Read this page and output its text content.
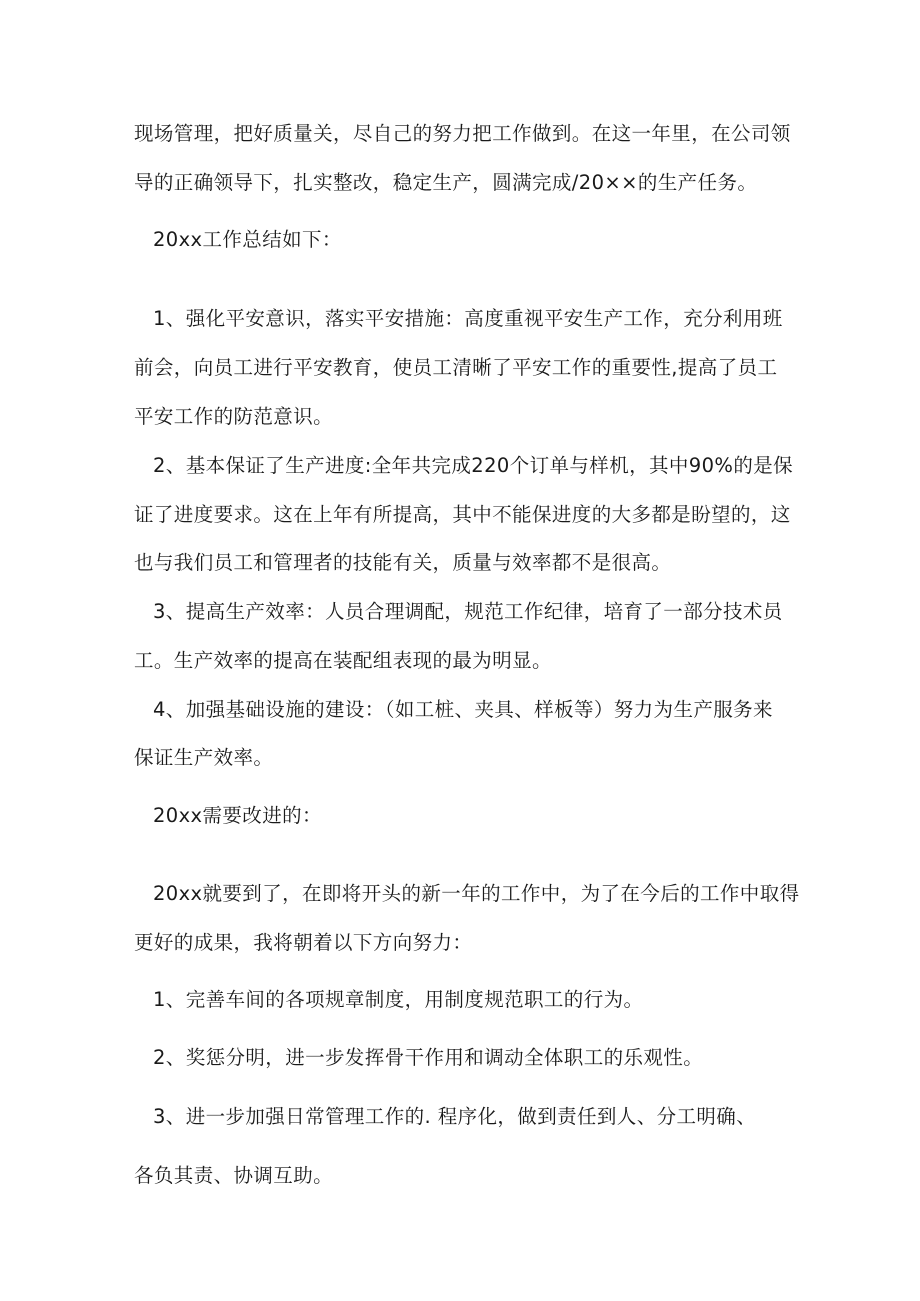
现场管理，把好质量关，尽自己的努力把工作做到。在这一年里，在公司领
导的正确领导下，扎实整改，稳定生产，圆满完成/20××的生产任务。
20xx工作总结如下：
1、强化平安意识，落实平安措施：高度重视平安生产工作，充分利用班
前会，向员工进行平安教育，使员工清晰了平安工作的重要性,提高了员工
平安工作的防范意识。
2、基本保证了生产进度:全年共完成220个订单与样机，其中90%的是保
证了进度要求。这在上年有所提高，其中不能保进度的大多都是盼望的，这
也与我们员工和管理者的技能有关，质量与效率都不是很高。
3、提高生产效率：人员合理调配，规范工作纪律，培育了一部分技术员
工。生产效率的提高在装配组表现的最为明显。
4、加强基础设施的建设：（如工桩、夹具、样板等）努力为生产服务来
保证生产效率。
20xx需要改进的：
20xx就要到了，在即将开头的新一年的工作中，为了在今后的工作中取得
更好的成果，我将朝着以下方向努力：
1、完善车间的各项规章制度，用制度规范职工的行为。
2、奖惩分明，进一步发挥骨干作用和调动全体职工的乐观性。
3、进一步加强日常管理工作的. 程序化，做到责任到人、分工明确、
各负其责、协调互助。
